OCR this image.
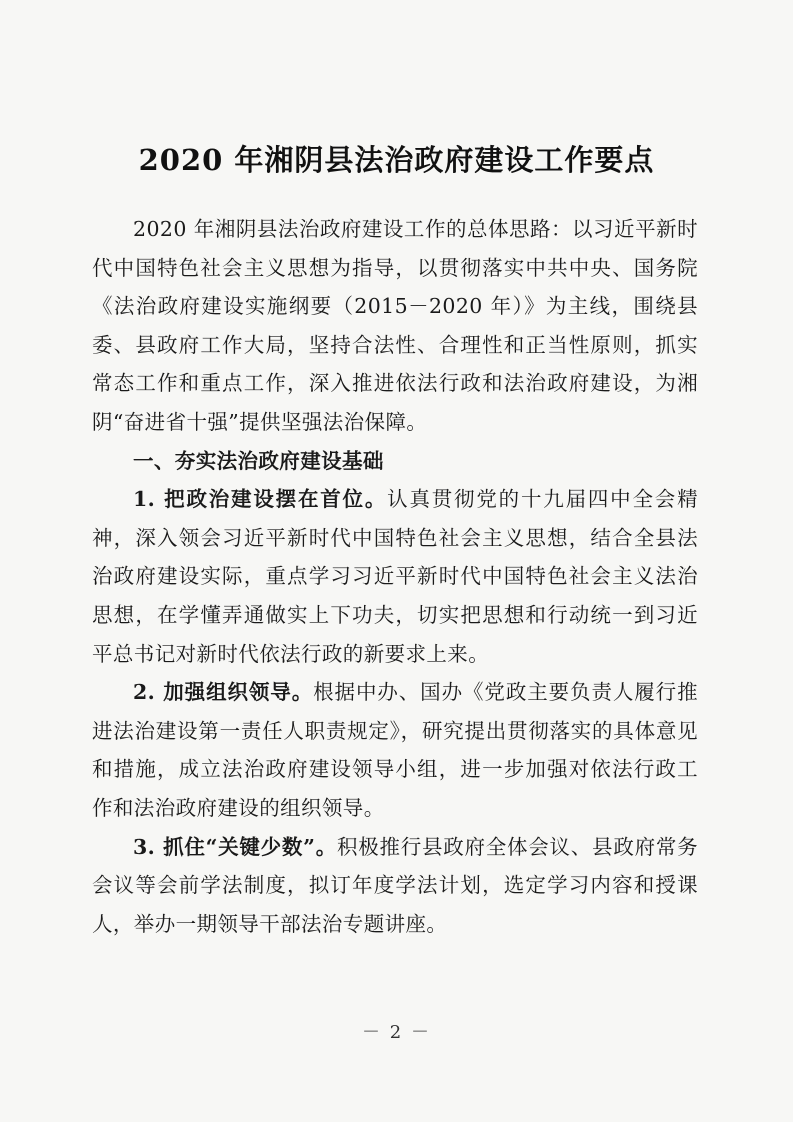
2020 年湘阴县法治政府建设工作要点

2020 年湘阴县法治政府建设工作的总体思路：以习近平新时代中国特色社会主义思想为指导，以贯彻落实中共中央、国务院《法治政府建设实施纲要（2015－2020 年）》为主线，围绕县委、县政府工作大局，坚持合法性、合理性和正当性原则，抓实常态工作和重点工作，深入推进依法行政和法治政府建设，为湘阴“奋进省十强”提供坚强法治保障。

一、夯实法治政府建设基础

1. 把政治建设摆在首位。认真贯彻党的十九届四中全会精神，深入领会习近平新时代中国特色社会主义思想，结合全县法治政府建设实际，重点学习习近平新时代中国特色社会主义法治思想，在学懂弄通做实上下功夫，切实把思想和行动统一到习近平总书记对新时代依法行政的新要求上来。

2. 加强组织领导。根据中办、国办《党政主要负责人履行推进法治建设第一责任人职责规定》，研究提出贯彻落实的具体意见和措施，成立法治政府建设领导小组，进一步加强对依法行政工作和法治政府建设的组织领导。

3. 抓住“关键少数”。积极推行县政府全体会议、县政府常务会议等会前学法制度，拟订年度学法计划，选定学习内容和授课人，举办一期领导干部法治专题讲座。

－ 2 －
